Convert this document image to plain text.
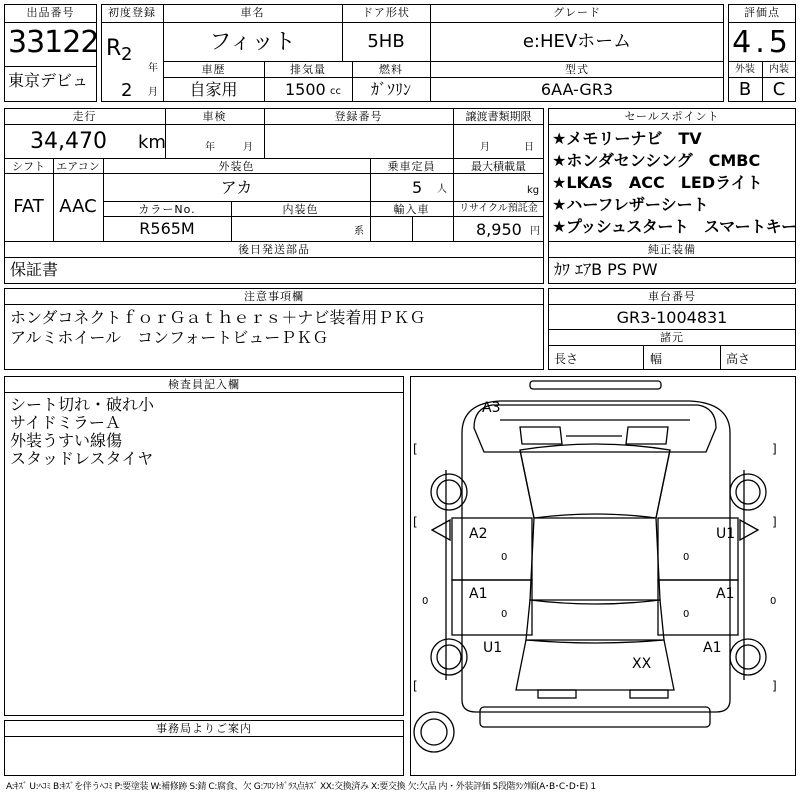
出品番号
33122
東京デビュ
初度登録
R 2
年
2 月
車名
フィット
ドア形状
5HB
グレード
e:HEVホーム
車歴
自家用
排気量
1500 cc
燃料
ｶﾞｿﾘﾝ
型式
6AA-GR3
評価点
4.5
外装	内装
B	C
走行
34,470 km
車検
年	月
登録番号	譲渡書類期限
月	日
シフト
FAT
エアコン
AAC
外装色
アカ
乗車定員
5 人
最大積載量
kg
カラーNo.
R565M
内装色
系
輸入車	リサイクル預託金
8,950 円
後日発送部品
保証書
セールスポイント
★メモリーナビ　TV
★ホンダセンシング　CMBC
★LKAS　ACC　LEDライト
★ハーフレザーシート
★プッシュスタート　スマートキー
純正装備
ｶﾜ ｴｱB PS PW
注意事項欄
ホンダコネクトｆｏｒＧａｔｈｅｒｓ＋ナビ装着用ＰＫＧ
アルミホイール　コンフォートビューＰＫＧ
車台番号
GR3-1004831
諸元
長さ	幅	高さ
検査員記入欄
シート切れ・破れ小
サイドミラーＡ
外装うすい線傷
スタッドレスタイヤ
事務局よりご案内
A3
A2	U1
A1	A1
U1	A1
XX
0	0
0	0
0	0
[	]
[	]
[	]
A:ｷｽﾞ U:ﾍｺﾐ B:ｷｽﾞを伴うﾍｺﾐ P:要塗装 W:補修跡 S:錆 C:腐食、欠 G:ﾌﾛﾝﾄｶﾞﾗｽ点ｷｽﾞ XX:交換済み X:要交換 欠:欠品 内・外装評価 5段階ﾗﾝｸ順(A･B･C･D･E) 1
